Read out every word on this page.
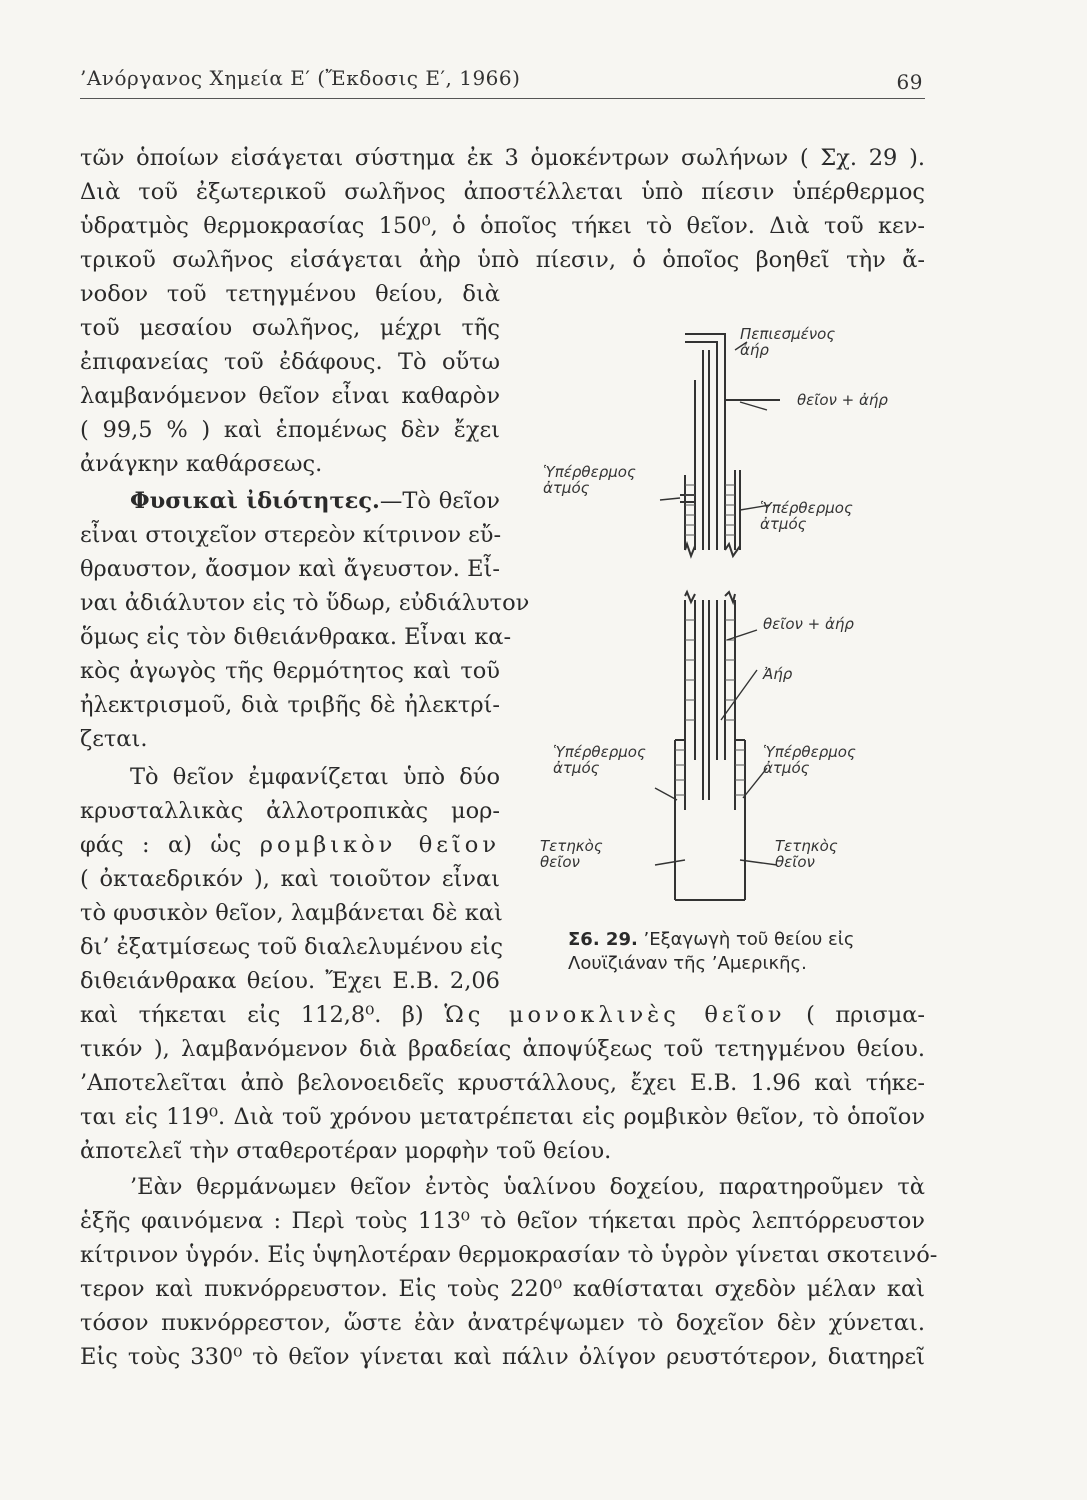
’Ανόργανος Χημεία Ε′ (Ἔκδοσις Ε′, 1966)	69
τῶν ὁποίων εἰσάγεται σύστημα ἐκ 3 ὁμοκέντρων σωλήνων ( Σχ. 29 ).
Διὰ τοῦ ἐξωτερικοῦ σωλῆνος ἀποστέλλεται ὑπὸ πίεσιν ὑπέρθερμος
ὑδρατμὸς θερμοκρασίας 150⁰, ὁ ὁποῖος τήκει τὸ θεῖον. Διὰ τοῦ κεν-
τρικοῦ σωλῆνος εἰσάγεται ἀὴρ ὑπὸ πίεσιν, ὁ ὁποῖος βοηθεῖ τὴν ἄ-
νοδον τοῦ τετηγμένου θείου, διὰ
τοῦ μεσαίου σωλῆνος, μέχρι τῆς
ἐπιφανείας τοῦ ἐδάφους. Τὸ οὕτω
λαμβανόμενον θεῖον εἶναι καθαρὸν
( 99,5 % ) καὶ ἑπομένως δὲν ἔχει
ἀνάγκην καθάρσεως.
Φυσικαὶ ἰδιότητες.—Τὸ θεῖον
εἶναι στοιχεῖον στερεὸν κίτρινον εὔ-
θραυστον, ἄοσμον καὶ ἄγευστον. Εἶ-
ναι ἀδιάλυτον εἰς τὸ ὕδωρ, εὐδιάλυτον
ὅμως εἰς τὸν διθειάνθρακα. Εἶναι κα-
κὸς ἀγωγὸς τῆς θερμότητος καὶ τοῦ
ἠλεκτρισμοῦ, διὰ τριβῆς δὲ ἠλεκτρί-
ζεται.
Τὸ θεῖον ἐμφανίζεται ὑπὸ δύο
κρυσταλλικὰς ἀλλοτροπικὰς μορ-
φάς : α) ὡς ρομβικὸν θεῖον
( ὀκταεδρικόν ), καὶ τοιοῦτον εἶναι
τὸ φυσικὸν θεῖον, λαμβάνεται δὲ καὶ
δι’ ἐξατμίσεως τοῦ διαλελυμένου εἰς
διθειάνθρακα θείου. Ἔχει Ε.Β. 2,06
καὶ τήκεται εἰς 112,8⁰. β) Ὡς μονοκλινὲς θεῖον ( πρισμα-
τικόν ), λαμβανόμενον διὰ βραδείας ἀποψύξεως τοῦ τετηγμένου θείου.
’Αποτελεῖται ἀπὸ βελονοειδεῖς κρυστάλλους, ἔχει Ε.Β. 1.96 καὶ τήκε-
ται εἰς 119⁰. Διὰ τοῦ χρόνου μετατρέπεται εἰς ρομβικὸν θεῖον, τὸ ὁποῖον
ἀποτελεῖ τὴν σταθεροτέραν μορφὴν τοῦ θείου.
’Εὰν θερμάνωμεν θεῖον ἐντὸς ὑαλίνου δοχείου, παρατηροῦμεν τὰ
ἑξῆς φαινόμενα : Περὶ τοὺς 113⁰ τὸ θεῖον τήκεται πρὸς λεπτόρρευστον
κίτρινον ὑγρόν. Εἰς ὑψηλοτέραν θερμοκρασίαν τὸ ὑγρὸν γίνεται σκοτεινό-
τερον καὶ πυκνόρρευστον. Εἰς τοὺς 220⁰ καθίσταται σχεδὸν μέλαν καὶ
τόσον πυκνόρρεστον, ὥστε ἐὰν ἀνατρέψωμεν τὸ δοχεῖον δὲν χύνεται.
Εἰς τοὺς 330⁰ τὸ θεῖον γίνεται καὶ πάλιν ὀλίγον ρευστότερον, διατηρεῖ
Πεπιεσμένος
ἀήρ
θεῖον + ἀήρ
Ὑπέρθερμος
ἀτμός
Ὑπέρθερμος
ἀτμός
θεῖον + ἀήρ
Ἀήρ
Ὑπέρθερμος
ἀτμός
Ὑπέρθερμος
ἀτμός
Τετηκὸς
θεῖον
Τετηκὸς
θεῖον
Σ6. 29. ’Εξαγωγὴ τοῦ θείου εἰς Λουϊζιάναν τῆς ’Αμερικῆς.
